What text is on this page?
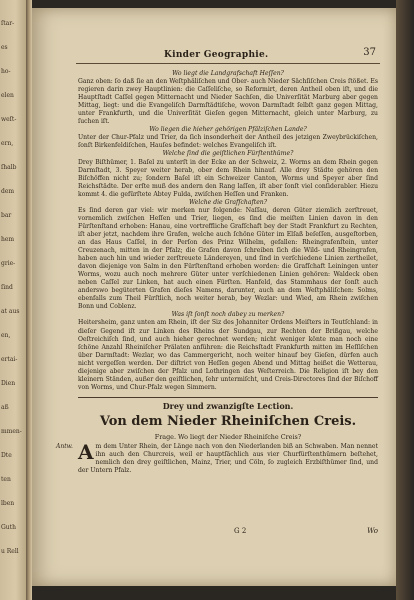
ſtar-
es
ho-
elen
weſt-
ern,
ſhalb
dem
bar
hem
grie-
ſind
at aus
en,
ertai-
Dien
aß
mmen-
Dte
ten
lben
Guth
u Rell
Kinder Geographie.	37

Wo liegt die Landgrafschaft Heſſen?

Ganz oben: ſo daß ſie an den Weſtphäliſchen und Ober- auch Nieder Sächſiſchen Creis ſtößet. Es regieren darin zwey Hauptlinien: die Caſſeliſche, so Reformirt, deren Antheil oben iſt, und die Hauptſtadt Caſſel gegen Mitternacht und Nieder Sachſen, die Univerſität Marburg aber gegen Mittag, liegt: und die Evangeliſch Darmſtädtiſche, wovon Darmſtadt ſelbſt ganz gegen Mittag, unter Frankfurth, und die Univerſität Gieſen gegen Mitternacht, gleich unter Marburg, zu ſuchen iſt.

Wo liegen die hieher gehörigen Pfälziſchen Lande?

Unter der Chur-Pfalz und Trier, da ſich insonderheit der Antheil des jetzigen Zweybrückiſchen, ſonſt Birkenfeldiſchen, Hauſes befindet: welches Evangeliſch iſt.

Welche ſind die geiſtlichen Fürſtenthüme?

Drey Biſthümer, 1. Baſel zu unterſt in der Ecke an der Schweiz, 2. Worms an dem Rhein gegen Darmſtadt, 3. Speyer weiter herab, ober dem Rhein hinauf. Alle drey Städte gehören den Biſchöffen nicht zu; ſondern Baſel iſt ein Schweizer Canton, Worms und Speyer aber ſind Reichsſtädte. Der erſte muß des andern den Rang laſſen, iſt aber ſonſt viel conſiderabler. Hiezu kommt 4. die gefürſtete Abtey Fulda, zwiſchen Heſſen und Franken.

Welche die Grafſchaften?

Es ſind deren gar viel: wir merken nur folgende: Naſſau, deren Güter ziemlich zerſtreuet, vornemlich zwiſchen Heſſen und Trier, liegen, es ſind die meiſten Linien davon in den Fürſtenſtand erhoben: Hanau, eine vortreffliche Grafſchaft bey der Stadt Frankfurt zu Rechten, iſt aber jetzt, nachdem ihre Grafen, welche auch ſchöne Güter im Elſaß beſeſſen, ausgeſtorben, an das Haus Caſſel, in der Perſon des Prinz Wilhelm, gefallen: Rheingrafenſtein, unter Creuzenach, mitten in der Pfalz; die Grafen davon ſchreiben ſich die Wild- und Rheingrafen, haben auch hin und wieder zerſtreuete Ländereyen, und ſind in verſchiedene Linien zertheilet, davon diejenige von Salm in den Fürſtenſtand erhoben worden: die Grafſchaft Leiningen unter Worms, wozu auch noch mehrere Güter unter verſchiedenen Linien gehören: Waldeck oben neben Caſſel zur Linken, hat auch einen Fürſten. Hanfeld, das Stammhaus der ſonſt auch anderswo begüterten Grafen dieſes Namens, darunter, auch an dem Weſtphäliſchen: Solms, ebenfalls zum Theil Fürſtlich, noch weiter herab, bey Wezlar: und Wied, am Rhein zwiſchen Bonn und Coblenz.

Was iſt ſonſt noch dabey zu merken?

Heitersheim, ganz unten am Rhein, iſt der Siz des Johanniter Ordens Meiſters in Teutſchland: in dieſer Gegend iſt zur Linken des Rheins der Sundgau, zur Rechten der Brißgau, welche Oeſtreichiſch ſind, und auch hieher gerechnet werden; nicht weniger könte man noch eine ſchöne Anzahl Rheiniſcher Prälaten anführen: die Reichsſtadt Frankfurth mitten im Heſſiſchen über Darmſtadt: Wezlar, wo das Cammergericht, noch weiter hinauf bey Gieſen, dürfen auch nicht vergeſſen werden. Der diſtrict von Heſſen gegen Abend und Mittag heißet die Wetterau, diejenige aber zwiſchen der Pfalz und Lothringen das Weſterreich. Die Religion iſt bey den kleinern Ständen, außer den geiſtlichen, ſehr untermiſcht, und Creis-Directores ſind der Biſchoff von Worms, und Chur-Pfalz wegen Simmern.

Drey und zwanzigſte Lection.

Von dem Nieder Rheiniſchen Creis.

Frage. Wo liegt der Nieder Rheiniſche Creis?

Antw. Am dem Unter Rhein, der Länge nach von den Niederlanden biß an Schwaben. Man nennet ihn auch den Churcreis, weil er hauptſächlich aus vier Churfürſtenthümern beſtehet, nemlich den drey geiſtlichen, Mainz, Trier, und Cöln, ſo zugleich Erzbiſthümer ſind, und der Untern Pfalz.

G 2	Wo
